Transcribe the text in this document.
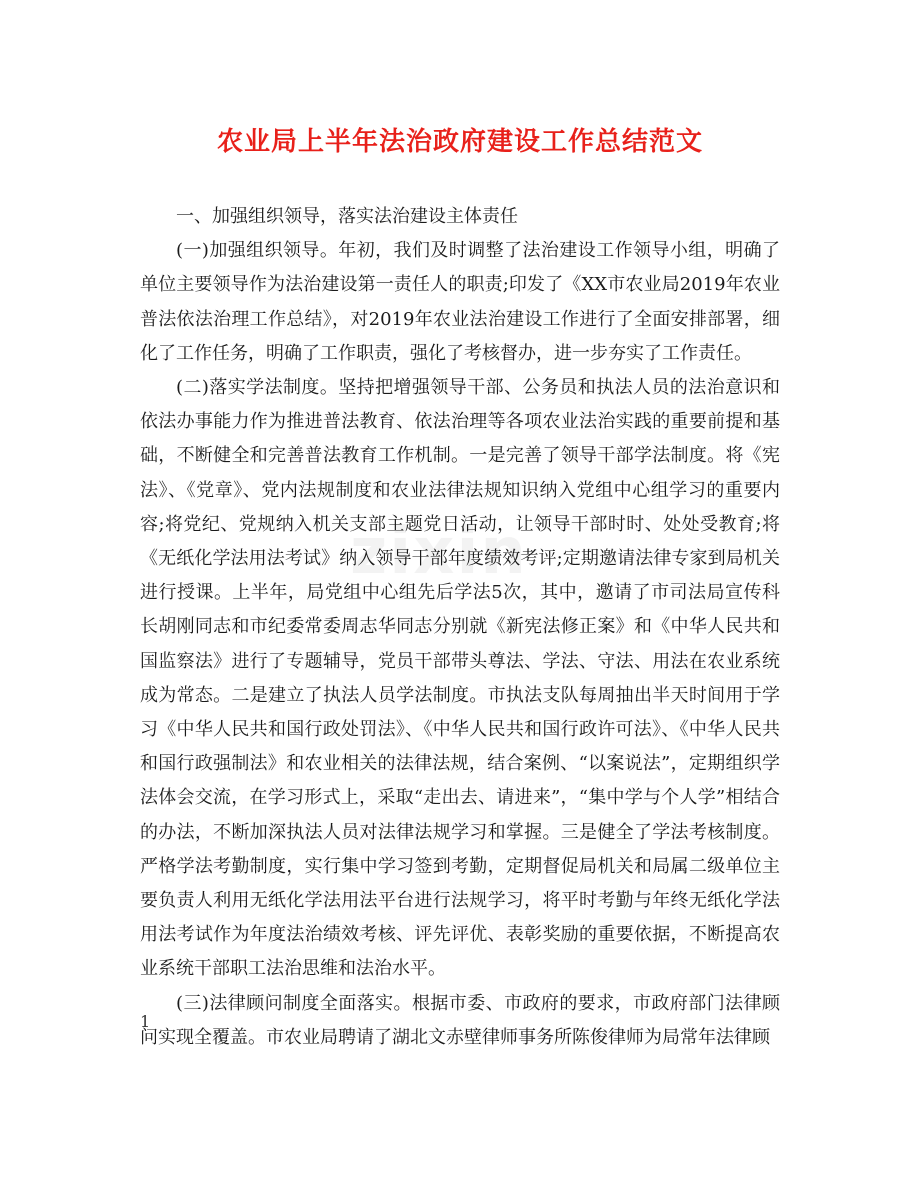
农业局上半年法治政府建设工作总结范文

一、加强组织领导，落实法治建设主体责任

(一)加强组织领导。年初，我们及时调整了法治建设工作领导小组，明确了单位主要领导作为法治建设第一责任人的职责;印发了《XX市农业局2019年农业普法依法治理工作总结》，对2019年农业法治建设工作进行了全面安排部署，细化了工作任务，明确了工作职责，强化了考核督办，进一步夯实了工作责任。

(二)落实学法制度。坚持把增强领导干部、公务员和执法人员的法治意识和依法办事能力作为推进普法教育、依法治理等各项农业法治实践的重要前提和基础，不断健全和完善普法教育工作机制。一是完善了领导干部学法制度。将《宪法》、《党章》、党内法规制度和农业法律法规知识纳入党组中心组学习的重要内容;将党纪、党规纳入机关支部主题党日活动，让领导干部时时、处处受教育;将《无纸化学法用法考试》纳入领导干部年度绩效考评;定期邀请法律专家到局机关进行授课。上半年，局党组中心组先后学法5次，其中，邀请了市司法局宣传科长胡刚同志和市纪委常委周志华同志分别就《新宪法修正案》和《中华人民共和国监察法》进行了专题辅导，党员干部带头尊法、学法、守法、用法在农业系统成为常态。二是建立了执法人员学法制度。市执法支队每周抽出半天时间用于学习《中华人民共和国行政处罚法》、《中华人民共和国行政许可法》、《中华人民共和国行政强制法》和农业相关的法律法规，结合案例、“以案说法”，定期组织学法体会交流，在学习形式上，采取“走出去、请进来”，“集中学与个人学”相结合的办法，不断加深执法人员对法律法规学习和掌握。三是健全了学法考核制度。严格学法考勤制度，实行集中学习签到考勤，定期督促局机关和局属二级单位主要负责人利用无纸化学法用法平台进行法规学习，将平时考勤与年终无纸化学法用法考试作为年度法治绩效考核、评先评优、表彰奖励的重要依据，不断提高农业系统干部职工法治思维和法治水平。

(三)法律顾问制度全面落实。根据市委、市政府的要求，市政府部门法律顾问实现全覆盖。市农业局聘请了湖北文赤壁律师事务所陈俊律师为局常年法律顾

1
